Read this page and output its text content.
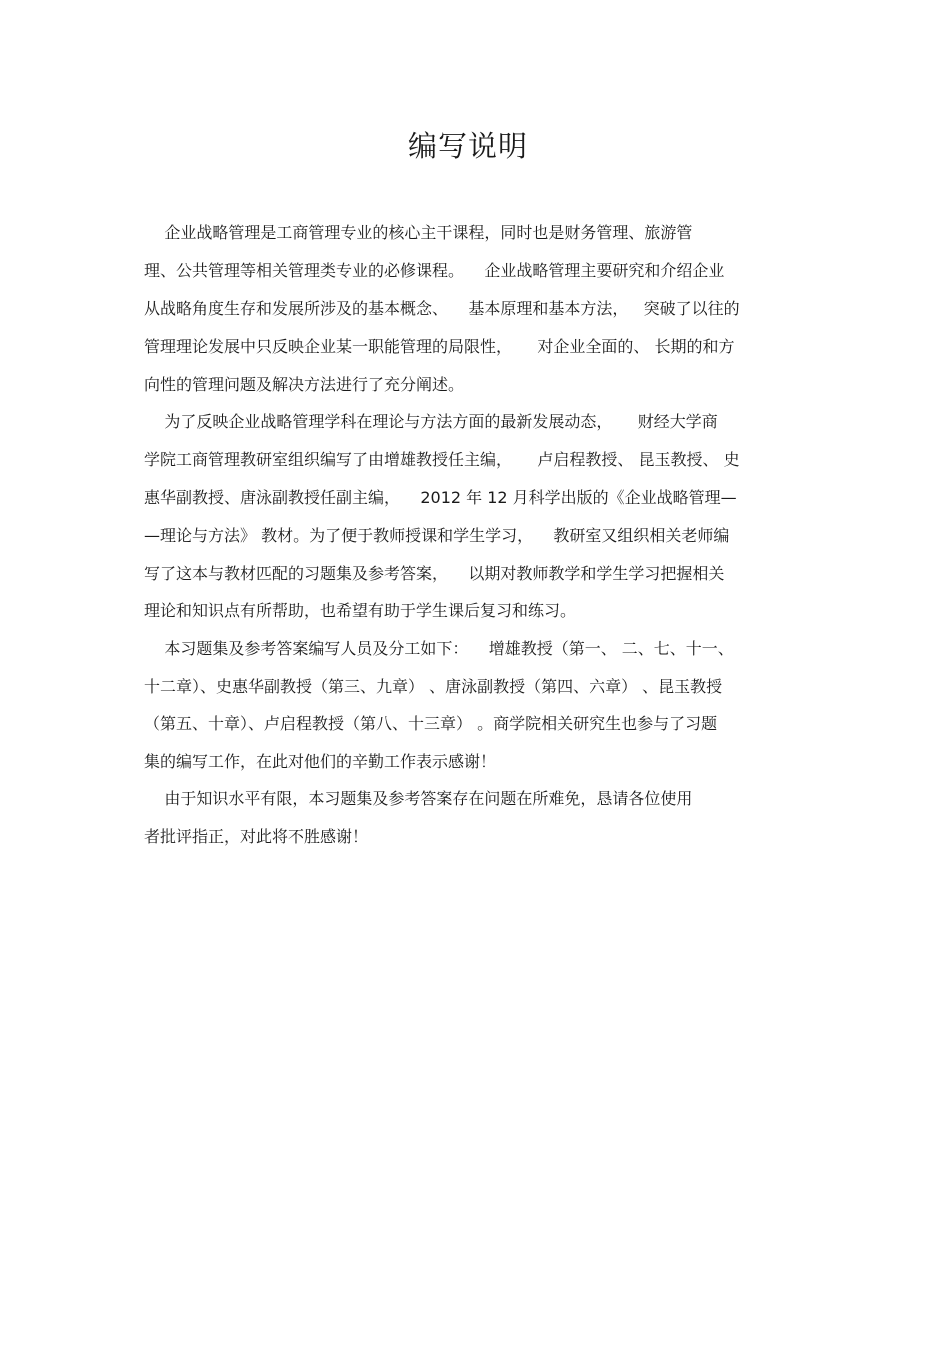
编写说明
企业战略管理是工商管理专业的核心主干课程，同时也是财务管理、旅游管
理、公共管理等相关管理类专业的必修课程。    企业战略管理主要研究和介绍企业
从战略角度生存和发展所涉及的基本概念、    基本原理和基本方法，   突破了以往的
管理理论发展中只反映企业某一职能管理的局限性，     对企业全面的、 长期的和方
向性的管理问题及解决方法进行了充分阐述。
为了反映企业战略管理学科在理论与方法方面的最新发展动态，     财经大学商
学院工商管理教研室组织编写了由增雄教授任主编，     卢启程教授、 昆玉教授、 史
惠华副教授、唐泳副教授任副主编，    2012 年 12 月科学出版的《企业战略管理—
—理论与方法》 教材。为了便于教师授课和学生学习，    教研室又组织相关老师编
写了这本与教材匹配的习题集及参考答案，    以期对教师教学和学生学习把握相关
理论和知识点有所帮助，也希望有助于学生课后复习和练习。
本习题集及参考答案编写人员及分工如下：    增雄教授（第一、 二、七、十一、
十二章）、史惠华副教授（第三、九章） 、唐泳副教授（第四、六章） 、昆玉教授
（第五、十章）、卢启程教授（第八、十三章） 。商学院相关研究生也参与了习题
集的编写工作，在此对他们的辛勤工作表示感谢！
由于知识水平有限，本习题集及参考答案存在问题在所难免，恳请各位使用
者批评指正，对此将不胜感谢！
